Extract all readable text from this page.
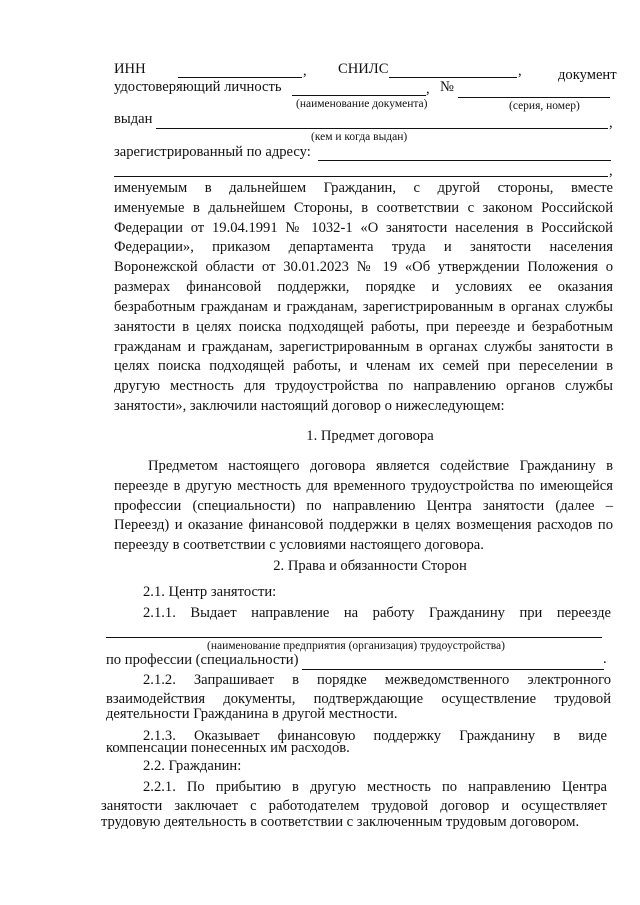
ИНН	, СНИЛС	, документ
удостоверяющий личность	, №
(наименование документа)	(серия, номер)
выдан	,
(кем и когда выдан)
зарегистрированный по адресу:
,
именуемым в дальнейшем Гражданин, с другой стороны, вместе
именуемые в дальнейшем Стороны, в соответствии с законом Российской
Федерации от 19.04.1991 № 1032-1 «О занятости населения в Российской
Федерации», приказом департамента труда и занятости населения
Воронежской области от 30.01.2023 № 19 «Об утверждении Положения о
размерах финансовой поддержки, порядке и условиях ее оказания
безработным гражданам и гражданам, зарегистрированным в органах службы
занятости в целях поиска подходящей работы, при переезде и безработным
гражданам и гражданам, зарегистрированным в органах службы занятости в
целях поиска подходящей работы, и членам их семей при переселении в
другую местность для трудоустройства по направлению органов службы
занятости», заключили настоящий договор о нижеследующем:
1. Предмет договора
Предметом настоящего договора является содействие Гражданину в
переезде в другую местность для временного трудоустройства по имеющейся
профессии (специальности) по направлению Центра занятости (далее –
Переезд) и оказание финансовой поддержки в целях возмещения расходов по
переезду в соответствии с условиями настоящего договора.
2. Права и обязанности Сторон
2.1. Центр занятости:
2.1.1. Выдает направление на работу Гражданину при переезде
(наименование предприятия (организация) трудоустройства)
по профессии (специальности)	.
2.1.2. Запрашивает в порядке межведомственного электронного
взаимодействия документы, подтверждающие осуществление трудовой
деятельности Гражданина в другой местности.
2.1.3. Оказывает финансовую поддержку Гражданину в виде
компенсации понесенных им расходов.
2.2. Гражданин:
2.2.1. По прибытию в другую местность по направлению Центра
занятости заключает с работодателем трудовой договор и осуществляет
трудовую деятельность в соответствии с заключенным трудовым договором.
